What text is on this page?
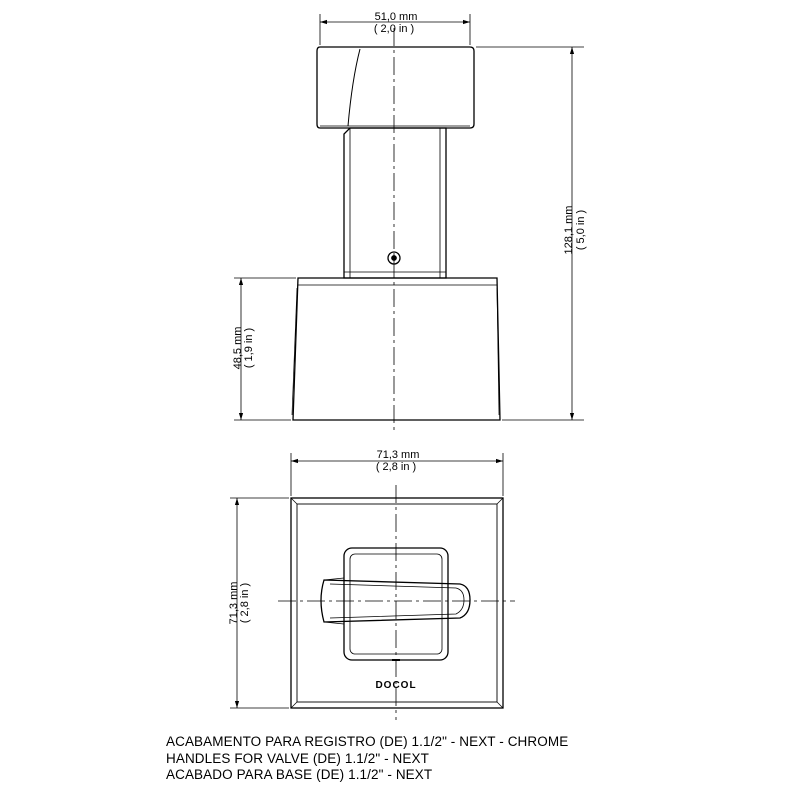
51,0 mm
( 2,0 in )
128,1 mm ( 5,0 in )
48,5 mm ( 1,9 in )
DOCOL
71,3 mm
( 2,8 in )
71,3 mm ( 2,8 in )
ACABAMENTO PARA REGISTRO (DE) 1.1/2" - NEXT - CHROME
HANDLES FOR VALVE (DE) 1.1/2" - NEXT
ACABADO PARA BASE (DE) 1.1/2" - NEXT
